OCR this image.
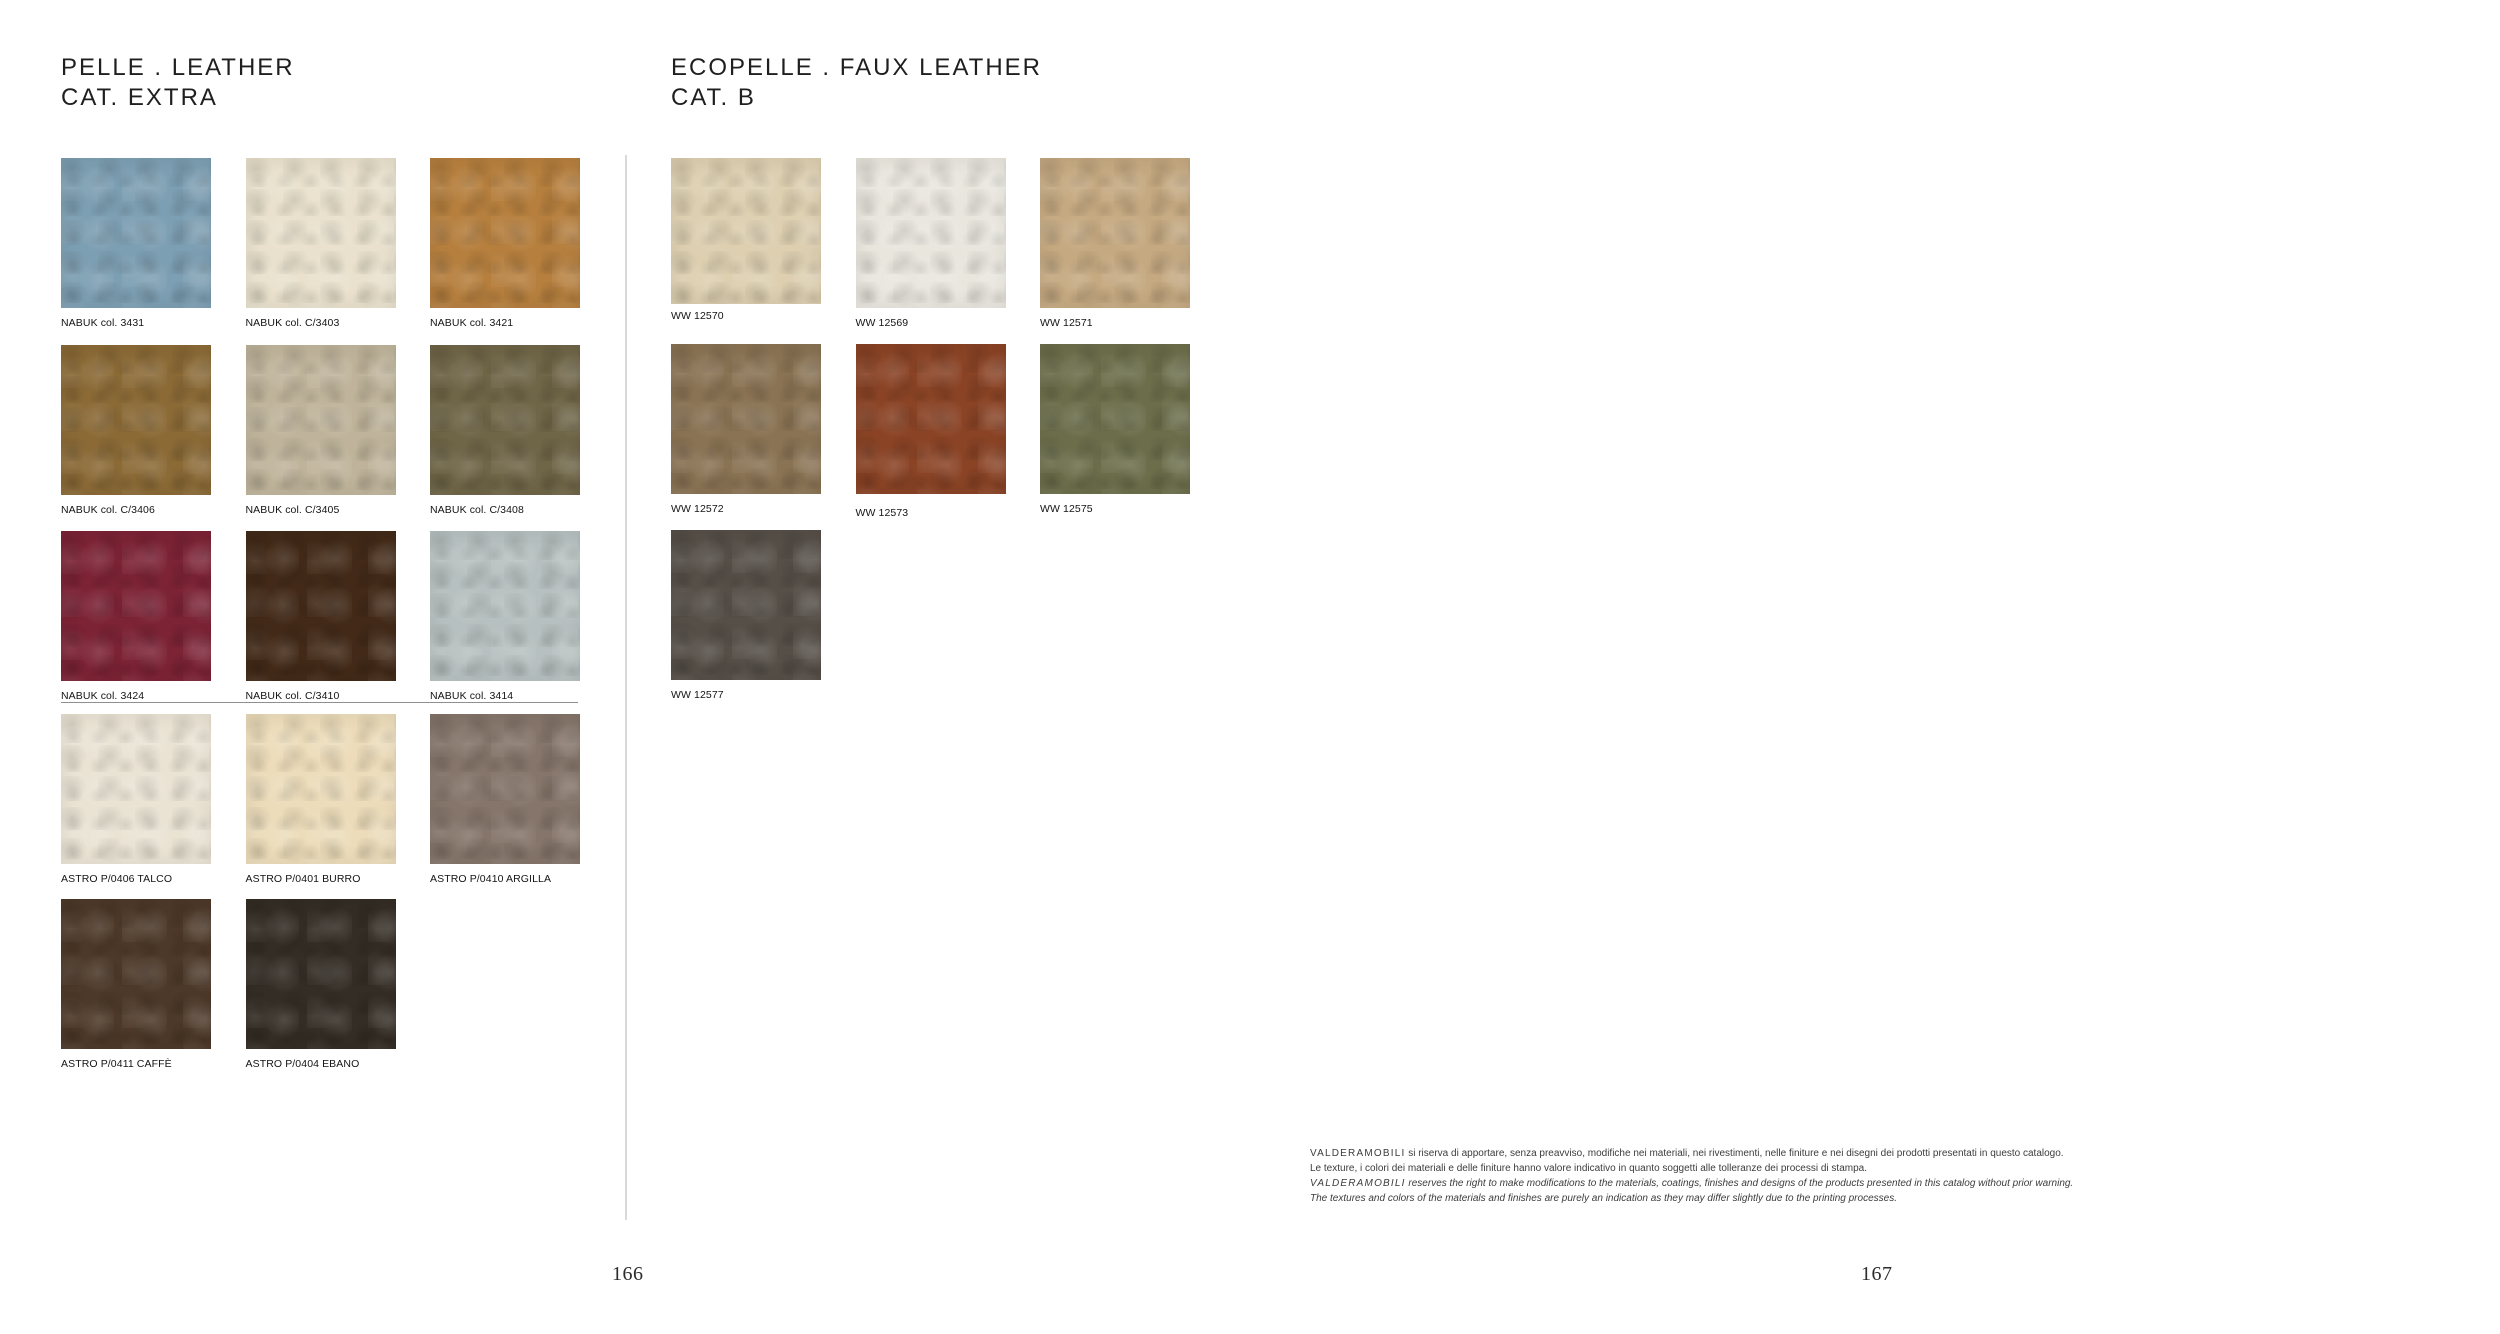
PELLE . LEATHER
CAT. EXTRA
NABUK col. 3431	NABUK col. C/3403	NABUK col. 3421
NABUK col. C/3406	NABUK col. C/3405	NABUK col. C/3408
NABUK col. 3424	NABUK col. C/3410	NABUK col. 3414
ASTRO P/0406 TALCO	ASTRO P/0401 BURRO	ASTRO P/0410 ARGILLA
ASTRO P/0411 CAFFÈ	ASTRO P/0404 EBANO
ECOPELLE . FAUX LEATHER
CAT. B
WW 12570
WW 12569	WW 12571
WW 12572	WW 12573	WW 12575
WW 12577

VALDERAMOBILI si riserva di apportare, senza preavviso, modifiche nei materiali, nei rivestimenti, nelle finiture e nei disegni dei prodotti presentati in questo catalogo.

Le texture, i colori dei materiali e delle finiture hanno valore indicativo in quanto soggetti alle tolleranze dei processi di stampa.

VALDERAMOBILI reserves the right to make modifications to the materials, coatings, finishes and designs of the products presented in this catalog without prior warning.

The textures and colors of the materials and finishes are purely an indication as they may differ slightly due to the printing processes.

166	167
